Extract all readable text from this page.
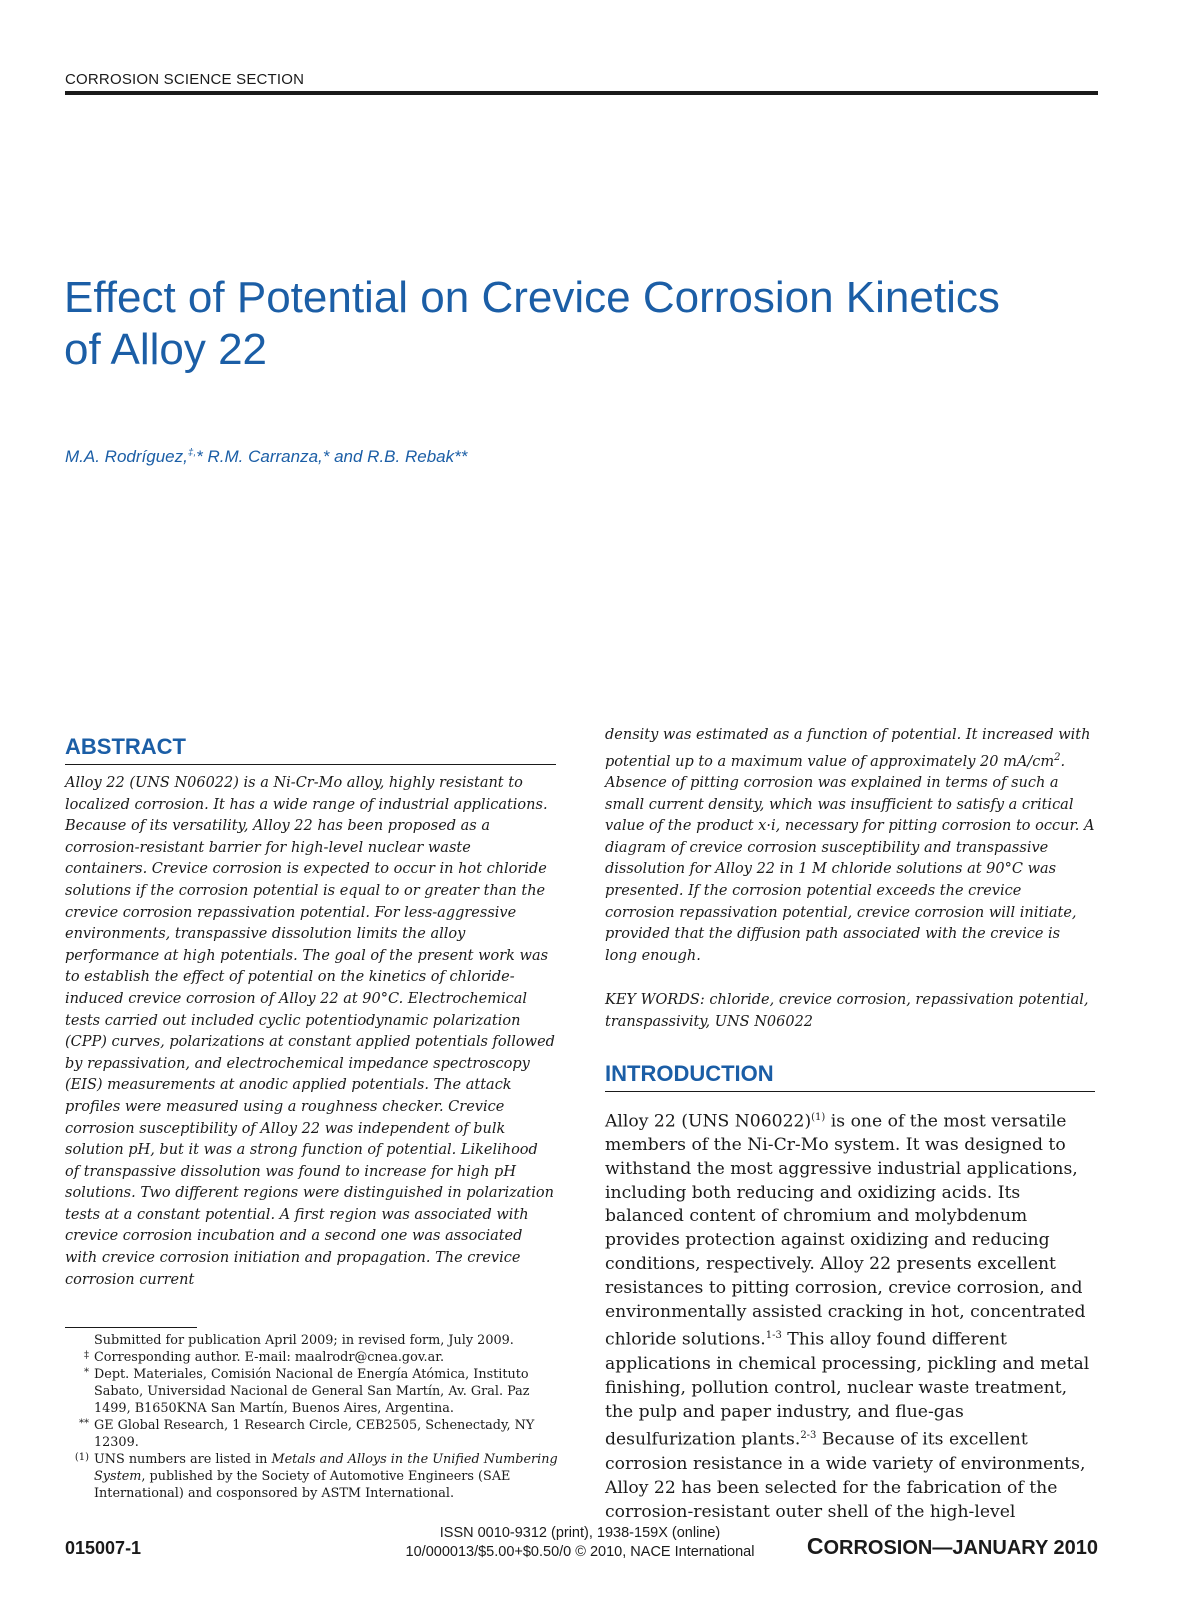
CORROSION SCIENCE SECTION
Effect of Potential on Crevice Corrosion Kinetics
of Alloy 22
M.A. Rodríguez,‡,* R.M. Carranza,* and R.B. Rebak**
ABSTRACT

Alloy 22 (UNS N06022) is a Ni-Cr-Mo alloy, highly resistant to localized corrosion. It has a wide range of industrial applications. Because of its versatility, Alloy 22 has been proposed as a corrosion-resistant barrier for high-level nuclear waste containers. Crevice corrosion is expected to occur in hot chloride solutions if the corrosion potential is equal to or greater than the crevice corrosion repassivation potential. For less-aggressive environments, transpassive dissolution limits the alloy performance at high potentials. The goal of the present work was to establish the effect of potential on the kinetics of chloride-induced crevice corrosion of Alloy 22 at 90°C. Electrochemical tests carried out included cyclic potentiodynamic polarization (CPP) curves, polarizations at constant applied potentials followed by repassivation, and electrochemical impedance spectroscopy (EIS) measurements at anodic applied potentials. The attack profiles were measured using a roughness checker. Crevice corrosion susceptibility of Alloy 22 was independent of bulk solution pH, but it was a strong function of potential. Likelihood of transpassive dissolution was found to increase for high pH solutions. Two different regions were distinguished in polarization tests at a constant potential. A first region was associated with crevice corrosion incubation and a second one was associated with crevice corrosion initiation and propagation. The crevice corrosion current

density was estimated as a function of potential. It increased with potential up to a maximum value of approximately 20 $mA/cm^2$. Absence of pitting corrosion was explained in terms of such a small current density, which was insufficient to satisfy a critical value of the product x·i, necessary for pitting corrosion to occur. A diagram of crevice corrosion susceptibility and transpassive dissolution for Alloy 22 in 1 M chloride solutions at 90°C was presented. If the corrosion potential exceeds the crevice corrosion repassivation potential, crevice corrosion will initiate, provided that the diffusion path associated with the crevice is long enough.

KEY WORDS: chloride, crevice corrosion, repassivation potential, transpassivity, UNS N06022

INTRODUCTION

Alloy 22 (UNS N06022)$^{(1)}$ is one of the most versatile members of the Ni-Cr-Mo system. It was designed to withstand the most aggressive industrial applications, including both reducing and oxidizing acids. Its balanced content of chromium and molybdenum provides protection against oxidizing and reducing conditions, respectively. Alloy 22 presents excellent resistances to pitting corrosion, crevice corrosion, and environmentally assisted cracking in hot, concentrated chloride solutions.$^{1-3}$ This alloy found different applications in chemical processing, pickling and metal finishing, pollution control, nuclear waste treatment, the pulp and paper industry, and flue-gas desulfurization plants.$^{2-3}$ Because of its excellent corrosion resistance in a wide variety of environments, Alloy 22 has been selected for the fabrication of the corrosion-resistant outer shell of the high-level

Submitted for publication April 2009; in revised form, July 2009.
‡ Corresponding author. E-mail: maalrodr@cnea.gov.ar.
* Dept. Materiales, Comisión Nacional de Energía Atómica, Instituto Sabato, Universidad Nacional de General San Martín, Av. Gral. Paz 1499, B1650KNA San Martín, Buenos Aires, Argentina.
** GE Global Research, 1 Research Circle, CEB2505, Schenectady, NY 12309.
(1) UNS numbers are listed in Metals and Alloys in the Unified Numbering System, published by the Society of Automotive Engineers (SAE International) and cosponsored by ASTM International.
015007-1
ISSN 0010-9312 (print), 1938-159X (online)
10/000013/$5.00+$0.50/0 © 2010, NACE International	CORROSION—JANUARY 2010
